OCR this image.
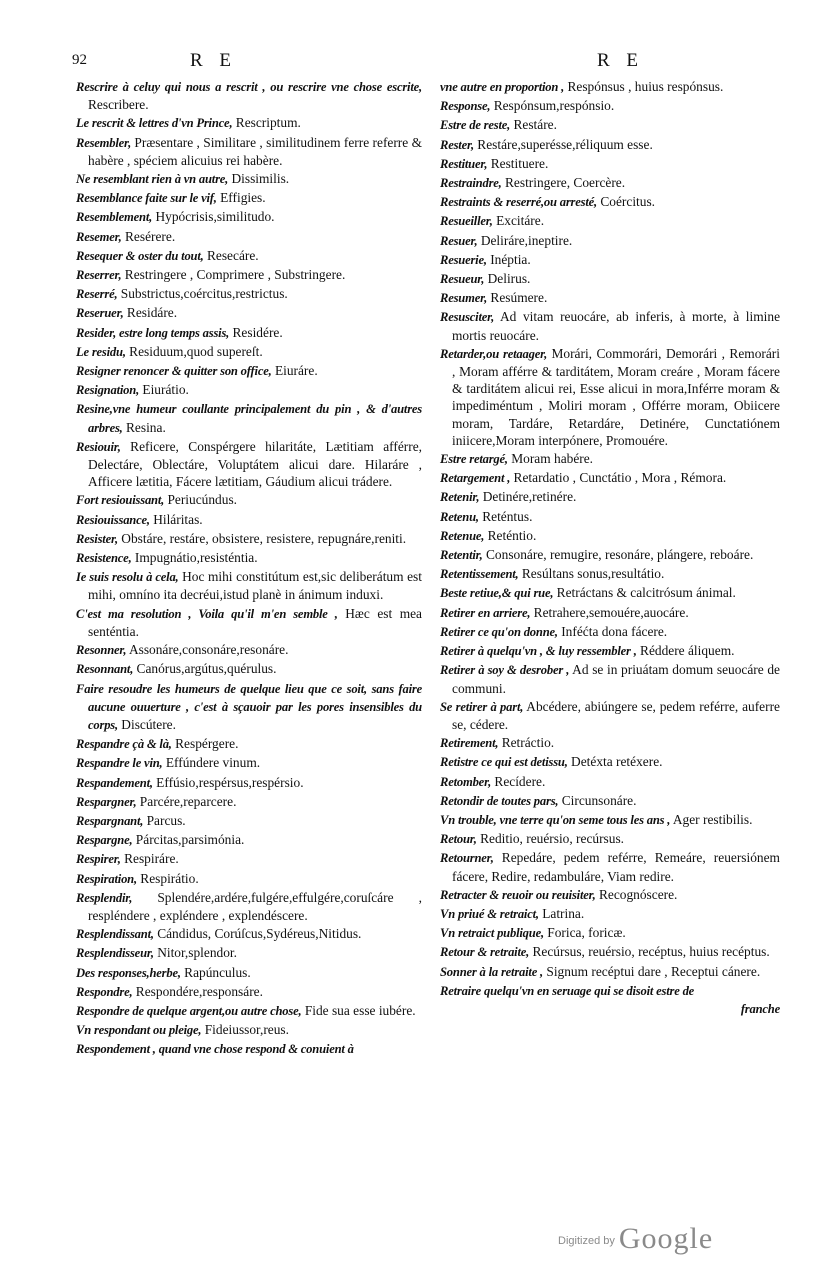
92	R E	R E
Rescrire à celuy qui nous a rescrit , ou rescrire vne chose escrite, Rescribere.
Le rescrit & lettres d'vn Prince, Rescriptum.
Resembler, Præsentare , Similitare , similitudinem ferre referre & habère , spéciem alicuius rei habère.
Ne resemblant rien à vn autre, Dissimilis.
Resemblance faite sur le vif, Effigies.
Resemblement, Hypócrisis,similitudo.
Resemer, Resérere.
Resequer & oster du tout, Resecáre.
Reserrer, Restringere , Comprimere , Substringere.
Reserré, Substrictus,coércitus,restrictus.
Reseruer, Residáre.
Resider, estre long temps assis, Residére.
Le residu, Residuum,quod supereſt.
Resigner renoncer & quitter son office, Eiuráre.
Resignation, Eiurátio.
Resine,vne humeur coullante principalement du pin , & d'autres arbres, Resina.
Resiouir, Reficere, Conspérgere hilaritáte, Lætitiam afférre, Delectáre, Oblectáre, Voluptátem alicui dare. Hilaráre , Afficere lætitia, Fácere lætitiam, Gáudium alicui trádere.
Fort resiouissant, Periucúndus.
Resiouissance, Hiláritas.
Resister, Obstáre, restáre, obsistere, resistere, repugnáre,reniti.
Resistence, Impugnátio,resisténtia.
Ie suis resolu à cela, Hoc mihi constitútum est,sic deliberátum est mihi, omníno ita decréui,istud planè in ánimum induxi.
C'est ma resolution , Voila qu'il m'en semble , Hæc est mea senténtia.
Resonner, Assonáre,consonáre,resonáre.
Resonnant, Canórus,argútus,quérulus.
Faire resoudre les humeurs de quelque lieu que ce soit, sans faire aucune ouuerture , c'est à sçauoir par les pores insensibles du corps, Discútere.
Respandre çà & là, Respérgere.
Respandre le vin, Effúndere vinum.
Respandement, Effúsio,respérsus,respérsio.
Respargner, Parcére,reparcere.
Respargnant, Parcus.
Respargne, Párcitas,parsimónia.
Respirer, Respiráre.
Respiration, Respirátio.
Resplendir, Splendére,ardére,fulgére,effulgére,coruſcáre , respléndere , expléndere , explendéscere.
Resplendissant, Cándidus, Corúſcus,Sydéreus,Nitidus.
Resplendisseur, Nitor,splendor.
Des responses,herbe, Rapúnculus.
Respondre, Respondére,responsáre.
Respondre de quelque argent,ou autre chose, Fide sua esse iubére.
Vn respondant ou pleige, Fideiussor,reus.
Respondement , quand vne chose respond & conuient à
vne autre en proportion , Respónsus , huius respónsus.
Response, Respónsum,respónsio.
Estre de reste, Restáre.
Rester, Restáre,superésse,réliquum esse.
Restituer, Restituere.
Restraindre, Restringere, Coercère.
Restraints & reserré,ou arresté, Coércitus.
Resueiller, Excitáre.
Resuer, Deliráre,ineptire.
Resuerie, Inéptia.
Resueur, Delirus.
Resumer, Resúmere.
Resusciter, Ad vitam reuocáre, ab inferis, à morte, à limine mortis reuocáre.
Retarder,ou retaager, Morári, Commorári, Demorári , Remorári , Moram afférre & tarditátem, Moram creáre , Moram fácere & tarditátem alicui rei, Esse alicui in mora,Inférre moram & impediméntum , Moliri moram , Offérre moram, Obiicere moram, Tardáre, Retardáre, Detinére, Cunctatiónem iniicere,Moram interpónere, Promouére.
Estre retargé, Moram habére.
Retargement , Retardatio , Cunctátio , Mora , Rémora.
Retenir, Detinére,retinére.
Retenu, Reténtus.
Retenue, Reténtio.
Retentir, Consonáre, remugire, resonáre, plángere, reboáre.
Retentissement, Resúltans sonus,resultátio.
Beste retiue,& qui rue, Retráctans & calcitrósum ánimal.
Retirer en arriere, Retrahere,semouére,auocáre.
Retirer ce qu'on donne, Inféćta dona fácere.
Retirer à quelqu'vn , & luy ressembler , Réddere áliquem.
Retirer à soy & desrober , Ad se in priuátam domum seuocáre de communi.
Se retirer à part, Abcédere, abiúngere se, pedem reférre, auferre se, cédere.
Retirement, Retráctio.
Retistre ce qui est detissu, Detéxta retéxere.
Retomber, Recídere.
Retondir de toutes pars, Circunsonáre.
Vn trouble, vne terre qu'on seme tous les ans , Ager restibilis.
Retour, Reditio, reuérsio, recúrsus.
Retourner, Repedáre, pedem reférre, Remeáre, reuersiónem fácere, Redire, redambuláre, Viam redire.
Retracter & reuoir ou reuisiter, Recognóscere.
Vn priué & retraict, Latrina.
Vn retraict publique, Forica, foricæ.
Retour & retraite, Recúrsus, reuérsio, recéptus, huius recéptus.
Sonner à la retraite , Signum recéptui dare , Receptui cánere.
Retraire quelqu'vn en seruage qui se disoit estre de
franche
$^{Digitized by}$ Google
